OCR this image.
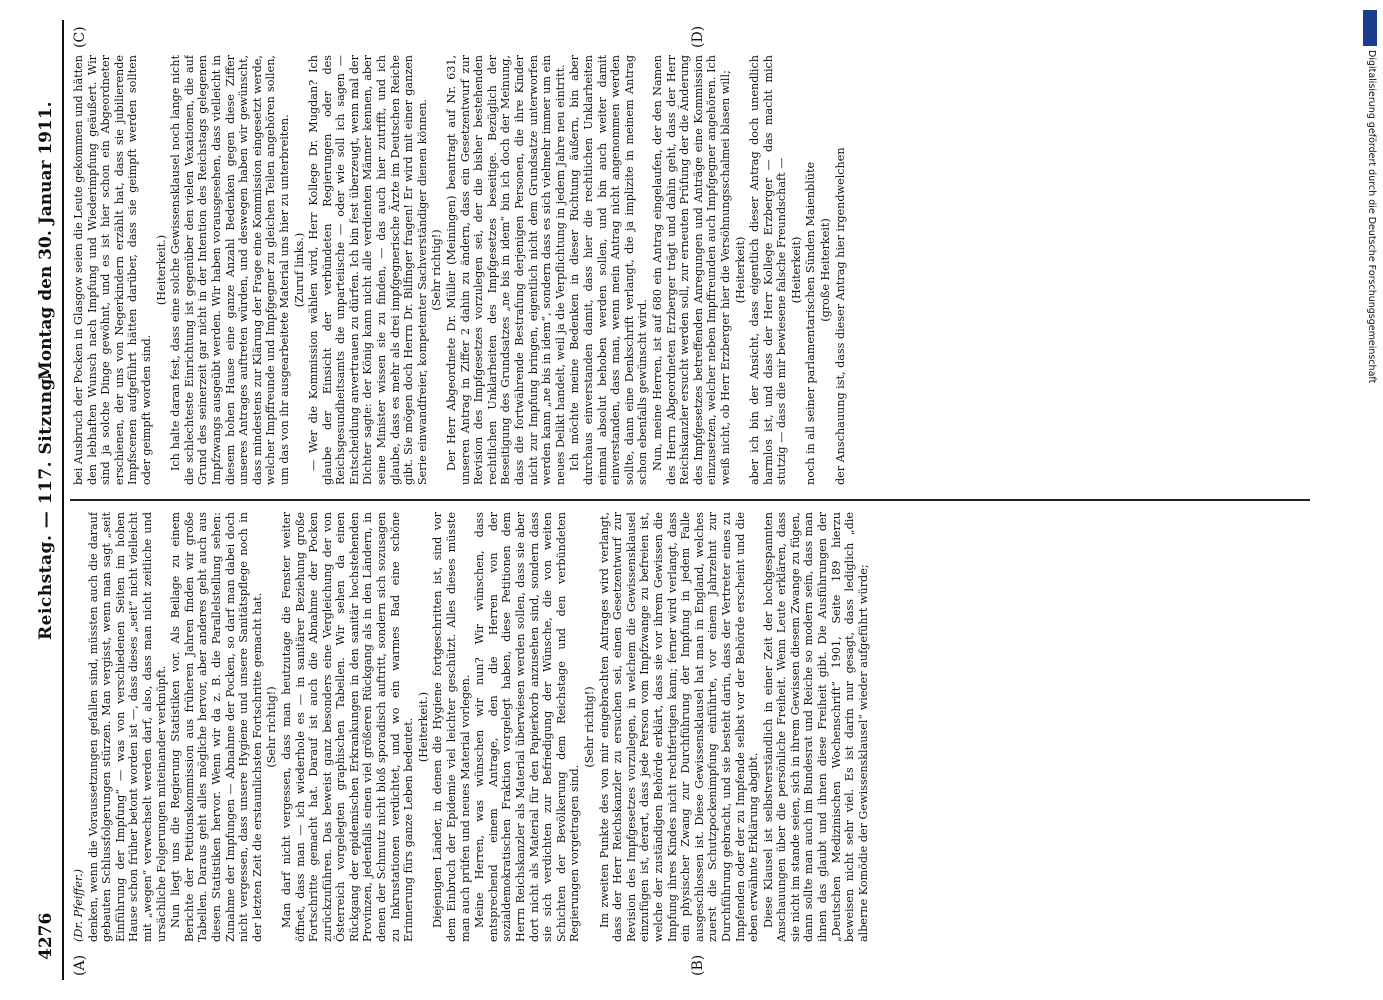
4276
Reichstag. — 117. Sitzung.
Montag den 30. Januar 1911.
(A)	(B)
(C)	(D)

(Dr. Pfeiffer.) denken, wenn die Voraussetzungen gefallen sind, müssten auch die darauf gebauten Schlussfolgerungen stürzen. Man vergisst, wenn man sagt „seit Einführung der Impfung“ — was von verschiedenen Seiten im hohen Hause schon früher betont worden ist —, dass dieses „seit“ nicht vielleicht mit „wegen“ verwechselt werden darf, also, dass man nicht zeitliche und ursächliche Folgerungen miteinander verknüpft. Nun liegt uns die Regierung Statistiken vor. Als Beilage zu einem Berichte der Petitionskommission aus früheren Jahren finden wir große Tabellen. Daraus geht alles mögliche hervor, aber anderes geht auch aus diesen Statistiken hervor. Wenn wir da z. B. die Parallelstellung sehen: Zunahme der Impfungen — Abnahme der Pocken, so darf man dabei doch nicht vergessen, dass unsere Hygiene und unsere Sanitätspflege noch in der letzten Zeit die erstaunlichsten Fortschritte gemacht hat. (Sehr richtig!) Man darf nicht vergessen, dass man heutzutage die Fenster weiter öffnet, dass man — ich wiederhole es — in sanitärer Beziehung große Fortschritte gemacht hat. Darauf ist auch die Abnahme der Pocken zurückzuführen. Das beweist ganz besonders eine Vergleichung der von Österreich vorgelegten graphischen Tabellen. Wir sehen da einen Rückgang der epidemischen Erkrankungen in den sanitär hochstehenden Provinzen, jedenfalls einen viel größeren Rückgang als in den Ländern, in denen der Schmutz nicht bloß sporadisch auftritt, sondern sich sozusagen zu Inkrustationen verdichtet, und wo ein warmes Bad eine schöne Erinnerung fürs ganze Leben bedeutet. (Heiterkeit.) Diejenigen Länder, in denen die Hygiene fortgeschritten ist, sind vor dem Einbruch der Epidemie viel leichter geschützt. Alles dieses müsste man auch prüfen und neues Material vorlegen. Meine Herren, was wünschen wir nun? Wir wünschen, dass entsprechend einem Antrage, den die Herren von der sozialdemokratischen Fraktion vorgelegt haben, diese Petitionen dem Herrn Reichskanzler als Material überwiesen werden sollen, dass sie aber dort nicht als Material für den Papierkorb anzusehen sind, sondern dass sie sich verdichten zur Befriedigung der Wünsche, die von weiten Schichten der Bevölkerung dem Reichstage und den verbündeten Regierungen vorgetragen sind.

(Sehr richtig!) Im zweiten Punkte des von mir eingebrachten Antrages wird verlangt, dass der Herr Reichskanzler zu ersuchen sei, einen Gesetzentwurf zur Revision des Impfgesetzes vorzulegen, in welchem die Gewissensklausel einzufügen ist, derart, dass jede Person vom Impfzwange zu befreien ist, welche der zuständigen Behörde erklärt, dass sie vor ihrem Gewissen die Impfung ihres Kindes nicht rechtfertigen kann; ferner wird verlangt, dass ein physischer Zwang zur Durchführung der Impfung in jedem Falle ausgeschlossen ist. Diese Gewissensklausel hat man in England, welches zuerst die Schutzpockenimpfung einführte, vor einem Jahrzehnt zur Durchführung gebracht, und sie besteht darin, dass der Vertreter eines zu Impfenden oder der zu Impfende selbst vor der Behörde erscheint und die eben erwähnte Erklärung abgibt. Diese Klausel ist selbstverständlich in einer Zeit der hochgespannten Anschauungen über die persönliche Freiheit. Wenn Leute erklären, dass sie nicht im stande seien, sich in ihrem Gewissen diesem Zwange zu fügen, dann sollte man auch im Bundesrat und Reiche so modern sein, dass man ihnen das glaubt und ihnen diese Freiheit gibt. Die Ausführungen der „Deutschen Medizinischen Wochenschrift“ 1901, Seite 189 hierzu beweisen nicht sehr viel. Es ist darin nur gesagt, dass lediglich „die alberne Komödie der Gewissensklausel“ wieder aufgeführt würde;

bei Ausbruch der Pocken in Glasgow seien die Leute gekommen und hätten den lebhaften Wunsch nach Impfung und Wiederimpfung geäußert. Wir sind ja solche Dinge gewöhnt, und es ist hier schon ein Abgeordneter erschienen, der uns von Negerkindern erzählt hat, dass sie jubilierende Impfscenen aufgeführt hätten darüber, dass sie geimpft werden sollten oder geimpft worden sind.

(Heiterkeit.) Ich halte daran fest, dass eine solche Gewissensklausel noch lange nicht die schlechteste Einrichtung ist gegenüber den vielen Vexationen, die auf Grund des seinerzeit gar nicht in der Intention des Reichstags gelegenen Impfzwangs ausgeübt werden. Wir haben vorausgesehen, dass vielleicht in diesem hohen Hause eine ganze Anzahl Bedenken gegen diese Ziffer unseres Antrages auftreten würden, und deswegen haben wir gewünscht, dass mindestens zur Klärung der Frage eine Kommission eingesetzt werde, welcher Impffreunde und Impfgegner zu gleichen Teilen angehören sollen, um das von ihr ausgearbeitete Material uns hier zu unterbreiten. (Zuruf links.) — Wer die Kommission wählen wird, Herr Kollege Dr. Mugdan? Ich glaube der Einsicht der verbündeten Regierungen oder des Reichsgesundheitsamts die unparteiische — oder wie soll ich sagen — Entscheidung anvertrauen zu dürfen. Ich bin fest überzeugt, wenn mal der Dichter sagte: der König kann nicht alle verdienten Männer kennen, aber seine Minister wissen sie zu finden, — das auch hier zutrifft, und ich glaube, dass es mehr als drei impfgegnerische Ärzte im Deutschen Reiche gibt. Sie mögen doch Herrn Dr. Bilfinger fragen! Er wird mit einer ganzen Serie einwandfreier, kompetenter Sachverständiger dienen können. (Sehr richtig!) Der Herr Abgeordnete Dr. Müller (Meiningen) beantragt auf Nr. 631, unseren Antrag in Ziffer 2 dahin zu ändern, dass ein Gesetzentwurf zur Revision des Impfgesetzes vorzulegen sei, der die bisher bestehenden rechtlichen Unklarheiten des Impfgesetzes beseitige. Bezüglich der Beseitigung des Grundsatzes „ne bis in idem“ bin ich doch der Meinung, dass die fortwährende Bestrafung derjenigen Personen, die ihre Kinder nicht zur Impfung bringen, eigentlich nicht dem Grundsatze unterworfen werden kann „ne bis in idem“, sondern dass es sich vielmehr immer um ein neues Delikt handelt, weil ja die Verpflichtung in jedem Jahre neu eintritt. Ich möchte meine Bedenken in dieser Richtung äußern, bin aber durchaus einverstanden damit, dass hier die rechtlichen Unklarheiten einmal absolut behoben werden sollen, und bin auch weiter damit einverstanden, dass man, wenn mein Antrag nicht angenommen werden sollte, dann eine Denkschrift verlangt, die ja implizite in meinem Antrag schon ebenfalls gewünscht wird. Nun, meine Herren, ist auf 680 ein Antrag eingelaufen, der den Namen des Herrn Abgeordneten Erzberger trägt und dahin geht, dass der Herr Reichskanzler ersucht werden soll, zur erneuten Prüfung der die Änderung des Impfgesetzes betreffenden Anregungen und Anträge eine Kommission einzusetzen, welcher neben Impffreunden auch Impfgegner angehören. Ich weiß nicht, ob Herr Erzberger hier die Versöhnungsschalmei blasen will; (Heiterkeit) aber ich bin der Ansicht, dass eigentlich dieser Antrag doch unendlich harmlos ist, und dass der Herr Kollege Erzberger — das macht mich stutzig — dass die mir bewiesene falsche Freundschaft — (Heiterkeit) noch in all seiner parlamentarischen Sünden Maienblüte (große Heiterkeit) der Anschauung ist, dass dieser Antrag hier irgendwelchen	Digitalisierung gefördert durch die Deutsche Forschungsgemeinschaft
